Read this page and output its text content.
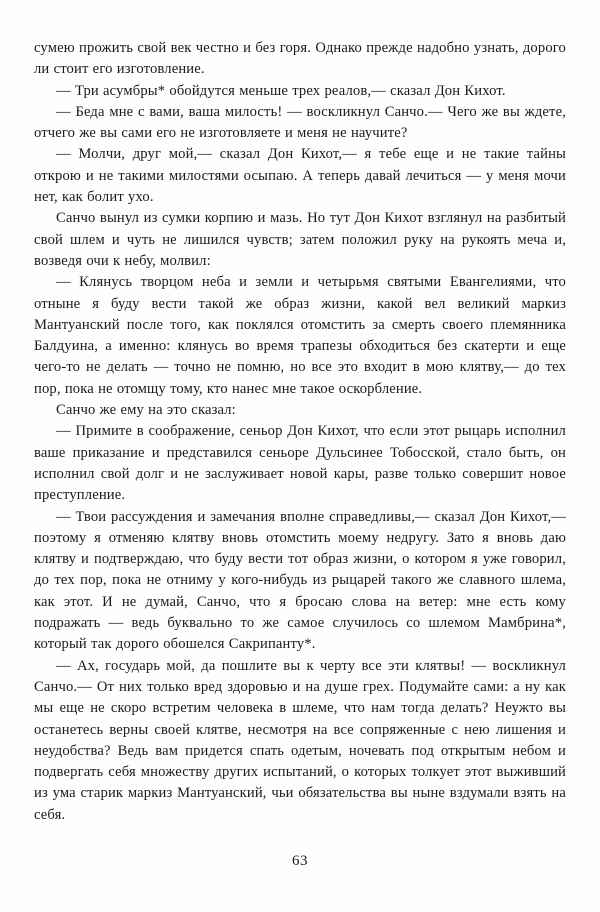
сумею прожить свой век честно и без горя. Однако прежде надобно узнать, дорого ли стоит его изготовление.

— Три асумбры* обойдутся меньше трех реалов,— сказал Дон Кихот.

— Беда мне с вами, ваша милость! — воскликнул Санчо.— Чего же вы ждете, отчего же вы сами его не изготовляете и меня не научите?

— Молчи, друг мой,— сказал Дон Кихот,— я тебе еще и не такие тайны открою и не такими милостями осыпаю. А теперь давай лечиться — у меня мочи нет, как болит ухо.

Санчо вынул из сумки корпию и мазь. Но тут Дон Кихот взглянул на разбитый свой шлем и чуть не лишился чувств; затем положил руку на рукоять меча и, возведя очи к небу, молвил:

— Клянусь творцом неба и земли и четырьмя святыми Евангелиями, что отныне я буду вести такой же образ жизни, какой вел великий маркиз Мантуанский после того, как поклялся отомстить за смерть своего племянника Балдуина, а именно: клянусь во время трапезы обходиться без скатерти и еще чего-то не делать — точно не помню, но все это входит в мою клятву,— до тех пор, пока не отомщу тому, кто нанес мне такое оскорбление.

Санчо же ему на это сказал:

— Примите в соображение, сеньор Дон Кихот, что если этот рыцарь исполнил ваше приказание и представился сеньоре Дульсинее Тобосской, стало быть, он исполнил свой долг и не заслуживает новой кары, разве только совершит новое преступление.

— Твои рассуждения и замечания вполне справедливы,— сказал Дон Кихот,— поэтому я отменяю клятву вновь отомстить моему недругу. Зато я вновь даю клятву и подтверждаю, что буду вести тот образ жизни, о котором я уже говорил, до тех пор, пока не отниму у кого-нибудь из рыцарей такого же славного шлема, как этот. И не думай, Санчо, что я бросаю слова на ветер: мне есть кому подражать — ведь буквально то же самое случилось со шлемом Мамбрина*, который так дорого обошелся Сакрипанту*.

— Ах, государь мой, да пошлите вы к черту все эти клятвы! — воскликнул Санчо.— От них только вред здоровью и на душе грех. Подумайте сами: а ну как мы еще не скоро встретим человека в шлеме, что нам тогда делать? Неужто вы останетесь верны своей клятве, несмотря на все сопряженные с нею лишения и неудобства? Ведь вам придется спать одетым, ночевать под открытым небом и подвергать себя множеству других испытаний, о которых толкует этот выживший из ума старик маркиз Мантуанский, чьи обязательства вы ныне вздумали взять на себя.

63
